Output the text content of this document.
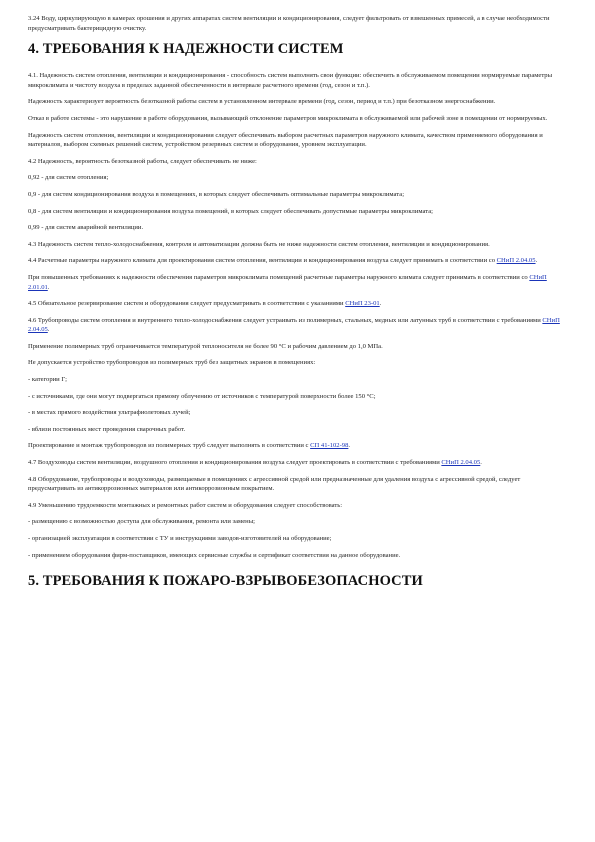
3.24 Воду, циркулирующую в камерах орошения и других аппаратах систем вентиляции и кондиционирования, следует фильтровать от взвешенных примесей, а в случае необходимости предусматривать бактерицидную очистку.

4. ТРЕБОВАНИЯ К НАДЕЖНОСТИ СИСТЕМ

4.1. Надежность систем отопления, вентиляции и кондиционирования - способность систем выполнять свои функции: обеспечить в обслуживаемом помещении нормируемые параметры микроклимата и чистоту воздуха в пределах заданной обеспеченности в интервале расчетного времени (год, сезон и т.п.).

Надежность характеризует вероятность безотказной работы систем в установленном интервале времени (год, сезон, период и т.п.) при безотказном энергоснабжении.

Отказ в работе системы - это нарушение в работе оборудования, вызывающий отклонение параметров микроклимата в обслуживаемой или рабочей зоне в помещении от нормируемых.

Надежность систем отопления, вентиляции и кондиционирования следует обеспечивать выбором расчетных параметров наружного климата, качеством применяемого оборудования и материалов, выбором схемных решений систем, устройством резервных систем и оборудования, уровнем эксплуатации.

4.2 Надежность, вероятность безотказной работы, следует обеспечивать не ниже:

0,92 - для систем отопления;

0,9 - для систем кондиционирования воздуха в помещениях, в которых следует обеспечивать оптимальные параметры микроклимата;

0,8 - для систем вентиляции и кондиционирования воздуха помещений, в которых следует обеспечивать допустимые параметры микроклимата;

0,99 - для систем аварийной вентиляции.

4.3 Надежность систем тепло-холодоснабжения, контроля и автоматизации должна быть не ниже надежности систем отопления, вентиляции и кондиционирования.

4.4 Расчетные параметры наружного климата для проектирования систем отопления, вентиляции и кондиционирования воздуха следует принимать в соответствии со СНиП 2.04.05.

При повышенных требованиях к надежности обеспечения параметров микроклимата помещений расчетные параметры наружного климата следует принимать в соответствии со СНиП 2.01.01.

4.5 Обязательное резервирование систем и оборудования следует предусматривать в соответствии с указаниями СНиП 23-01.

4.6 Трубопроводы систем отопления и внутреннего тепло-холодоснабжения следует устраивать из полимерных, стальных, медных или латунных труб в соответствии с требованиями СНиП 2.04.05.

Применение полимерных труб ограничивается температурой теплоносителя не более 90 °С и рабочим давлением до 1,0 МПа.

Не допускается устройство трубопроводов из полимерных труб без защитных экранов в помещениях:

- категории Г;

- с источниками, где они могут подвергаться прямому облучению от источников с температурой поверхности более 150 °С;

- в местах прямого воздействия ультрафиолетовых лучей;

- вблизи постоянных мест проведения сварочных работ.

Проектирование и монтаж трубопроводов из полимерных труб следует выполнять в соответствии с СП 41-102-98.

4.7 Воздуховоды систем вентиляции, воздушного отопления и кондиционирования воздуха следует проектировать в соответствии с требованиями СНиП 2.04.05.

4.8 Оборудование, трубопроводы и воздуховоды, размещаемые в помещениях с агрессивной средой или предназначенные для удаления воздуха с агрессивной средой, следует предусматривать из антикоррозионных материалов или антикоррозионным покрытием.

4.9 Уменьшению трудоемкости монтажных и ремонтных работ систем и оборудования следует способствовать:

- размещению с возможностью доступа для обслуживания, ремонта или замены;

- организацией эксплуатации в соответствии с ТУ и инструкциями заводов-изготовителей на оборудование;

- применением оборудования фирм-поставщиков, имеющих сервисные службы и сертификат соответствия на данное оборудование.

5. ТРЕБОВАНИЯ К ПОЖАРО-ВЗРЫВОБЕЗОПАСНОСТИ
